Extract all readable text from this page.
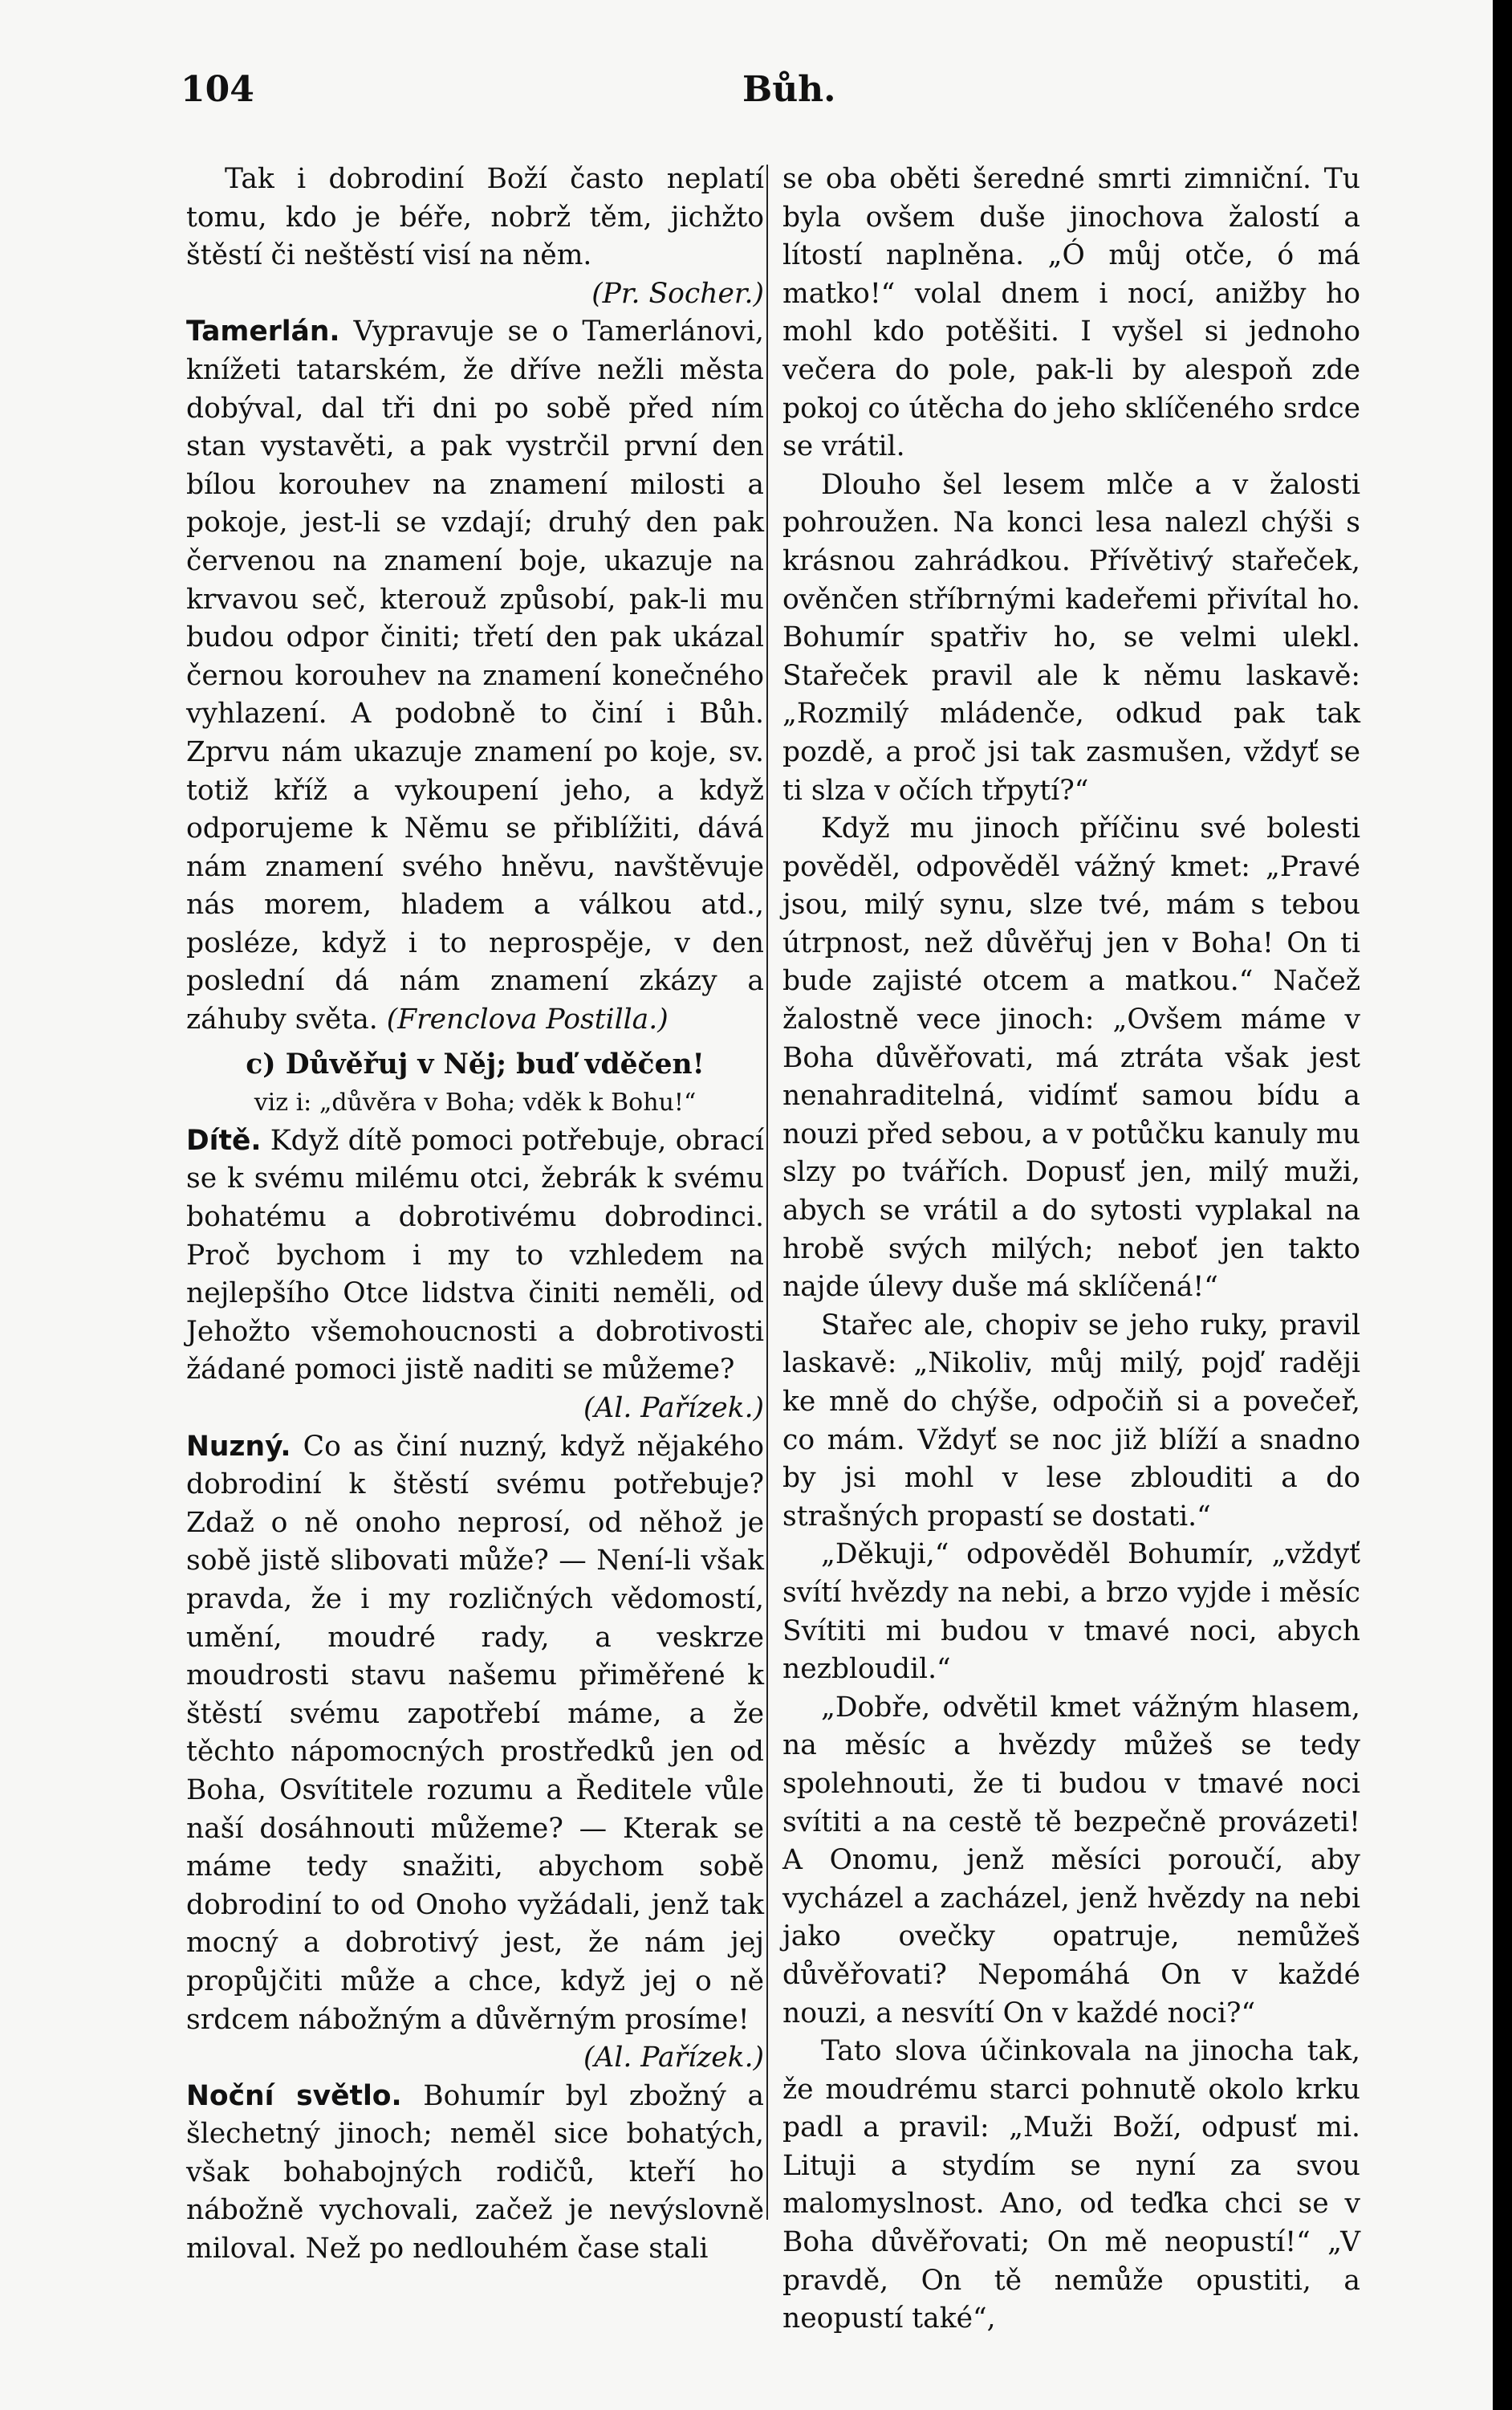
104	Bůh.

Tak i dobrodiní Boží často neplatí tomu, kdo je béře, nobrž těm, jichžto štěstí či neštěstí visí na něm.

(Pr. Socher.)

Tamerlán. Vypravuje se o Tamerlánovi, knížeti tatarském, že dříve nežli města dobýval, dal tři dni po sobě před ním stan vystavěti, a pak vystrčil první den bílou korouhev na znamení milosti a pokoje, jest-li se vzdají; druhý den pak červenou na znamení boje, ukazuje na krvavou seč, kterouž způsobí, pak-li mu budou odpor činiti; třetí den pak ukázal černou korouhev na znamení konečného vyhlazení. A podobně to činí i Bůh. Zprvu nám ukazuje znamení po koje, sv. totiž kříž a vykoupení jeho, a když odporujeme k Němu se přiblížiti, dává nám znamení svého hněvu, navštěvuje nás morem, hladem a válkou atd., posléze, když i to neprospěje, v den poslední dá nám znamení zkázy a záhuby světa. (Frenclova Postilla.)

c) Důvěřuj v Něj; buď vděčen!

viz i: „důvěra v Boha; vděk k Bohu!“

Dítě. Když dítě pomoci potřebuje, obrací se k svému milému otci, žebrák k svému bohatému a dobrotivému dobrodinci. Proč bychom i my to vzhledem na nejlepšího Otce lidstva činiti neměli, od Jehožto všemohoucnosti a dobrotivosti žádané pomoci jistě naditi se můžeme?

(Al. Pařízek.)

Nuzný. Co as činí nuzný, když nějakého dobrodiní k štěstí svému potřebuje? Zdaž o ně onoho neprosí, od něhož je sobě jistě slibovati může? — Není-li však pravda, že i my rozličných vědomostí, umění, moudré rady, a veskrze moudrosti stavu našemu přiměřené k štěstí svému zapotřebí máme, a že těchto nápomocných prostředků jen od Boha, Osvítitele rozumu a Ředitele vůle naší dosáhnouti můžeme? — Kterak se máme tedy snažiti, abychom sobě dobrodiní to od Onoho vyžádali, jenž tak mocný a dobrotivý jest, že nám jej propůjčiti může a chce, když jej o ně srdcem nábožným a důvěrným prosíme!

(Al. Pařízek.)

Noční světlo. Bohumír byl zbožný a šlechetný jinoch; neměl sice bohatých, však bohabojných rodičů, kteří ho nábožně vychovali, začež je nevýslovně miloval. Než po nedlouhém čase stali

se oba oběti šeredné smrti zimniční. Tu byla ovšem duše jinochova žalostí a lítostí naplněna. „Ó můj otče, ó má matko!“ volal dnem i nocí, anižby ho mohl kdo potěšiti. I vyšel si jednoho večera do pole, pak-li by alespoň zde pokoj co útěcha do jeho sklíčeného srdce se vrátil.

Dlouho šel lesem mlče a v žalosti pohroužen. Na konci lesa nalezl chýši s krásnou zahrádkou. Přívětivý stařeček, ověnčen stříbrnými kadeřemi přivítal ho. Bohumír spatřiv ho, se velmi ulekl. Stařeček pravil ale k němu laskavě: „Rozmilý mládenče, odkud pak tak pozdě, a proč jsi tak zasmušen, vždyť se ti slza v očích třpytí?“

Když mu jinoch příčinu své bolesti pověděl, odpověděl vážný kmet: „Pravé jsou, milý synu, slze tvé, mám s tebou útrpnost, než důvěřuj jen v Boha! On ti bude zajisté otcem a matkou.“ Načež žalostně vece jinoch: „Ovšem máme v Boha důvěřovati, má ztráta však jest nenahraditelná, vidímť samou bídu a nouzi před sebou, a v potůčku kanuly mu slzy po tvářích. Dopusť jen, milý muži, abych se vrátil a do sytosti vyplakal na hrobě svých milých; neboť jen takto najde úlevy duše má sklíčená!“

Stařec ale, chopiv se jeho ruky, pravil laskavě: „Nikoliv, můj milý, pojď raději ke mně do chýše, odpočiň si a povečeř, co mám. Vždyť se noc již blíží a snadno by jsi mohl v lese zblouditi a do strašných propastí se dostati.“

„Děkuji,“ odpověděl Bohumír, „vždyť svítí hvězdy na nebi, a brzo vyjde i měsíc Svítiti mi budou v tmavé noci, abych nezbloudil.“

„Dobře, odvětil kmet vážným hlasem, na měsíc a hvězdy můžeš se tedy spolehnouti, že ti budou v tmavé noci svítiti a na cestě tě bezpečně provázeti! A Onomu, jenž měsíci poroučí, aby vycházel a zacházel, jenž hvězdy na nebi jako ovečky opatruje, nemůžeš důvěřovati? Nepomáhá On v každé nouzi, a nesvítí On v každé noci?“

Tato slova účinkovala na jinocha tak, že moudrému starci pohnutě okolo krku padl a pravil: „Muži Boží, odpusť mi. Lituji a stydím se nyní za svou malomyslnost. Ano, od teďka chci se v Boha důvěřovati; On mě neopustí!“ „V pravdě, On tě nemůže opustiti, a neopustí také“,
